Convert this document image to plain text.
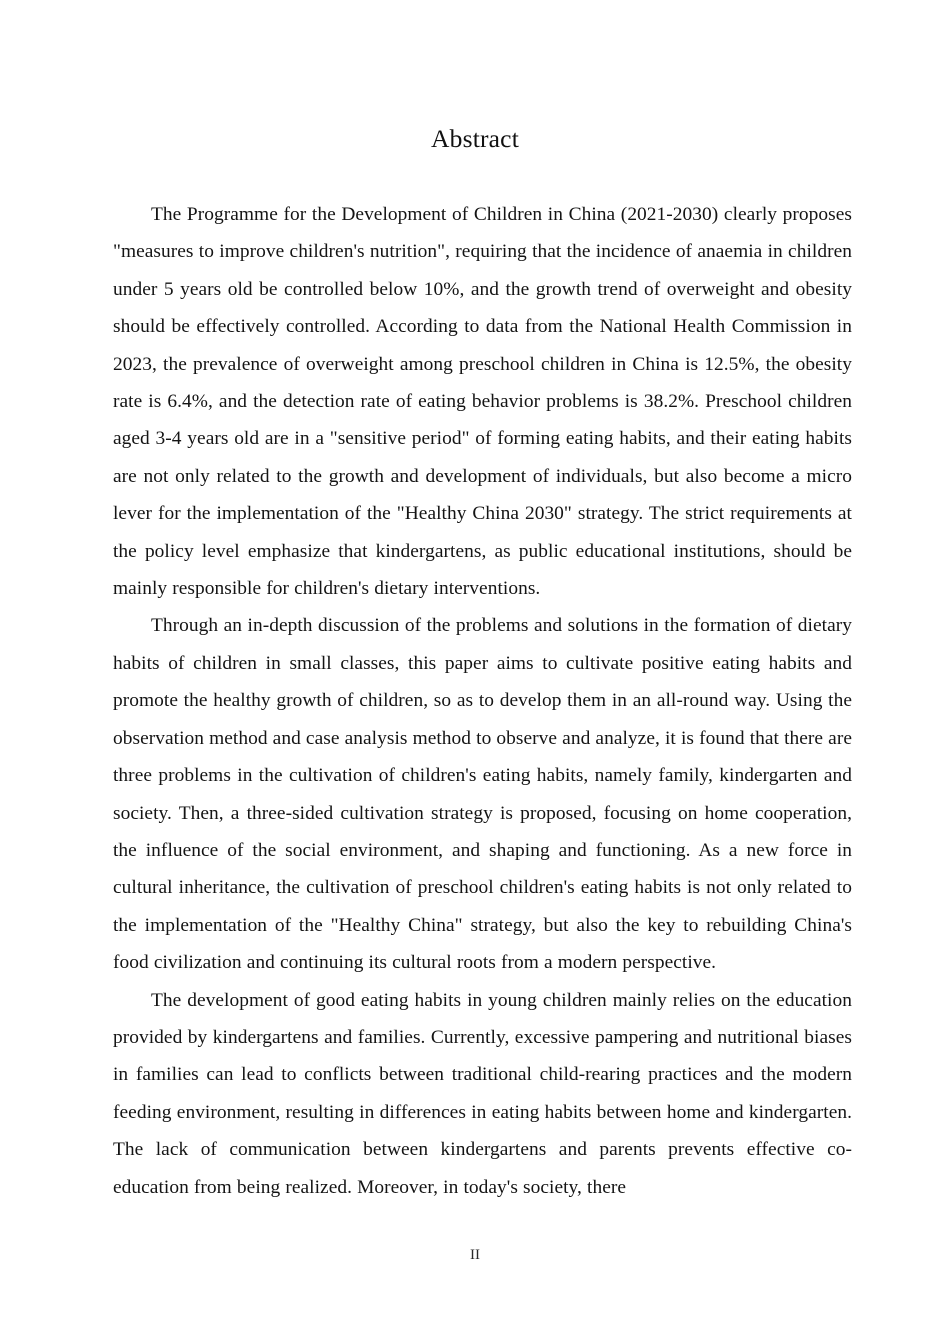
Abstract

The Programme for the Development of Children in China (2021-2030) clearly proposes "measures to improve children's nutrition", requiring that the incidence of anaemia in children under 5 years old be controlled below 10%, and the growth trend of overweight and obesity should be effectively controlled. According to data from the National Health Commission in 2023, the prevalence of overweight among preschool children in China is 12.5%, the obesity rate is 6.4%, and the detection rate of eating behavior problems is 38.2%. Preschool children aged 3-4 years old are in a "sensitive period" of forming eating habits, and their eating habits are not only related to the growth and development of individuals, but also become a micro lever for the implementation of the "Healthy China 2030" strategy. The strict requirements at the policy level emphasize that kindergartens, as public educational institutions, should be mainly responsible for children's dietary interventions.

Through an in-depth discussion of the problems and solutions in the formation of dietary habits of children in small classes, this paper aims to cultivate positive eating habits and promote the healthy growth of children, so as to develop them in an all-round way. Using the observation method and case analysis method to observe and analyze, it is found that there are three problems in the cultivation of children's eating habits, namely family, kindergarten and society. Then, a three-sided cultivation strategy is proposed, focusing on home cooperation, the influence of the social environment, and shaping and functioning. As a new force in cultural inheritance, the cultivation of preschool children's eating habits is not only related to the implementation of the "Healthy China" strategy, but also the key to rebuilding China's food civilization and continuing its cultural roots from a modern perspective.

The development of good eating habits in young children mainly relies on the education provided by kindergartens and families. Currently, excessive pampering and nutritional biases in families can lead to conflicts between traditional child-rearing practices and the modern feeding environment, resulting in differences in eating habits between home and kindergarten. The lack of communication between kindergartens and parents prevents effective co-education from being realized. Moreover, in today's society, there

II
